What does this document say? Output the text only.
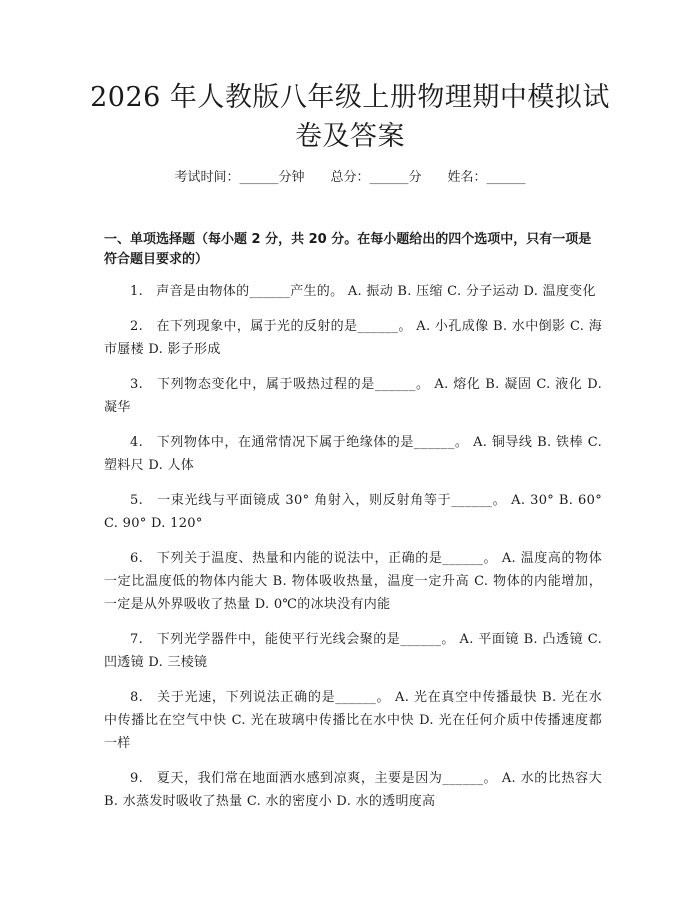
2026 年人教版八年级上册物理期中模拟试卷及答案
考试时间：______分钟　　总分：______分　　姓名：______
一、单项选择题（每小题 2 分，共 20 分。在每小题给出的四个选项中，只有一项是符合题目要求的）
1.　声音是由物体的______产生的。 A. 振动 B. 压缩 C. 分子运动 D. 温度变化
2.　在下列现象中，属于光的反射的是______。 A. 小孔成像 B. 水中倒影 C. 海市蜃楼 D. 影子形成
3.　下列物态变化中，属于吸热过程的是______。 A. 熔化 B. 凝固 C. 液化 D. 凝华
4.　下列物体中，在通常情况下属于绝缘体的是______。 A. 铜导线 B. 铁棒 C. 塑料尺 D. 人体
5.　一束光线与平面镜成 30° 角射入，则反射角等于______。 A. 30° B. 60° C. 90° D. 120°
6.　下列关于温度、热量和内能的说法中，正确的是______。 A. 温度高的物体一定比温度低的物体内能大 B. 物体吸收热量，温度一定升高 C. 物体的内能增加，一定是从外界吸收了热量 D. 0℃的冰块没有内能
7.　下列光学器件中，能使平行光线会聚的是______。 A. 平面镜 B. 凸透镜 C. 凹透镜 D. 三棱镜
8.　关于光速，下列说法正确的是______。 A. 光在真空中传播最快 B. 光在水中传播比在空气中快 C. 光在玻璃中传播比在水中快 D. 光在任何介质中传播速度都一样
9.　夏天，我们常在地面洒水感到凉爽，主要是因为______。 A. 水的比热容大 B. 水蒸发时吸收了热量 C. 水的密度小 D. 水的透明度高
